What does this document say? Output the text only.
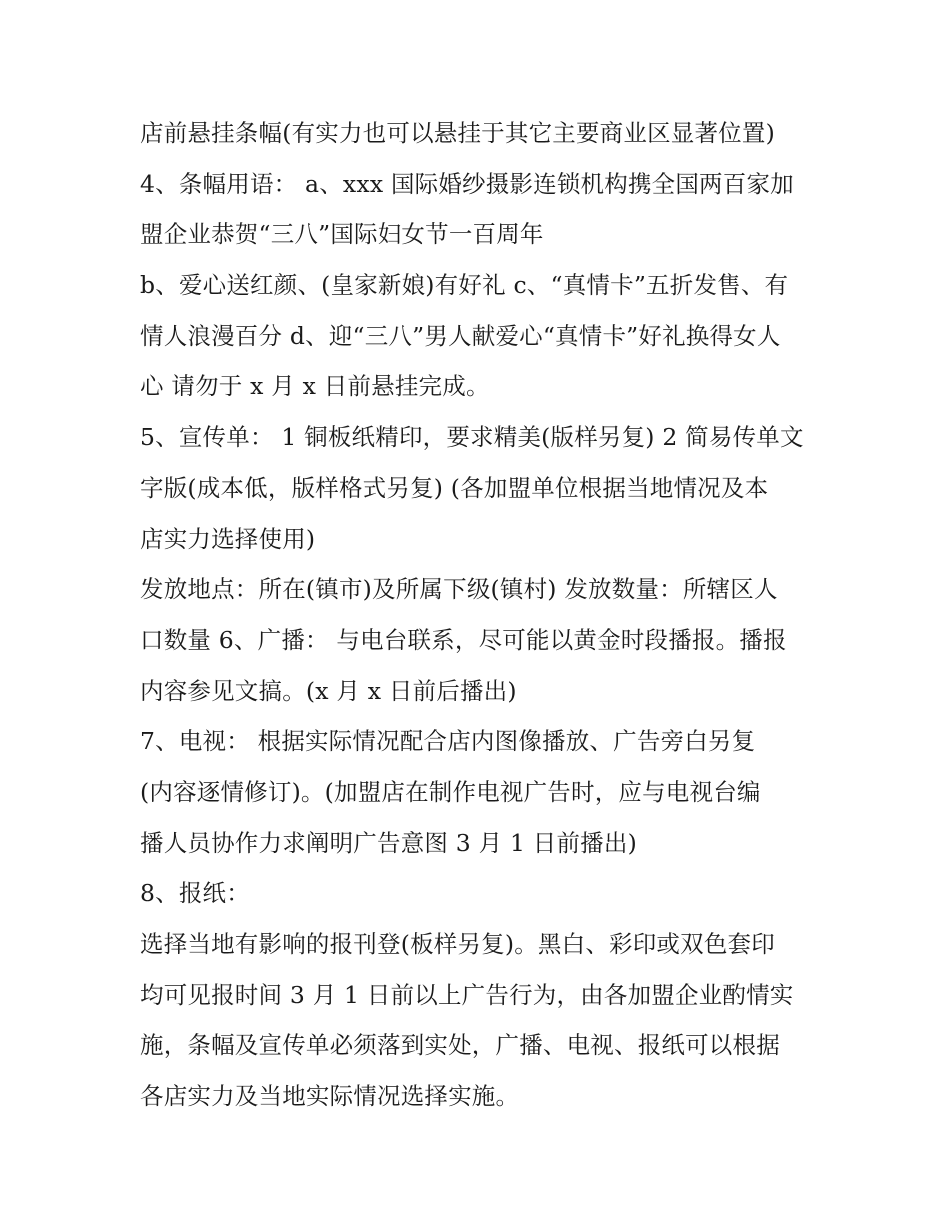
店前悬挂条幅(有实力也可以悬挂于其它主要商业区显著位置)
4、条幅用语： a、xxx 国际婚纱摄影连锁机构携全国两百家加
盟企业恭贺“三八”国际妇女节一百周年
b、爱心送红颜、(皇家新娘)有好礼 c、“真情卡”五折发售、有
情人浪漫百分 d、迎“三八”男人献爱心“真情卡”好礼换得女人
心 请勿于 x 月 x 日前悬挂完成。
5、宣传单： 1 铜板纸精印，要求精美(版样另复) 2 简易传单文
字版(成本低，版样格式另复) (各加盟单位根据当地情况及本
店实力选择使用)
发放地点：所在(镇市)及所属下级(镇村) 发放数量：所辖区人
口数量 6、广播： 与电台联系，尽可能以黄金时段播报。播报
内容参见文搞。(x 月 x 日前后播出)
7、电视： 根据实际情况配合店内图像播放、广告旁白另复
(内容逐情修订)。(加盟店在制作电视广告时，应与电视台编
播人员协作力求阐明广告意图 3 月 1 日前播出)
8、报纸：
选择当地有影响的报刊登(板样另复)。黑白、彩印或双色套印
均可见报时间 3 月 1 日前以上广告行为，由各加盟企业酌情实
施，条幅及宣传单必须落到实处，广播、电视、报纸可以根据
各店实力及当地实际情况选择实施。
